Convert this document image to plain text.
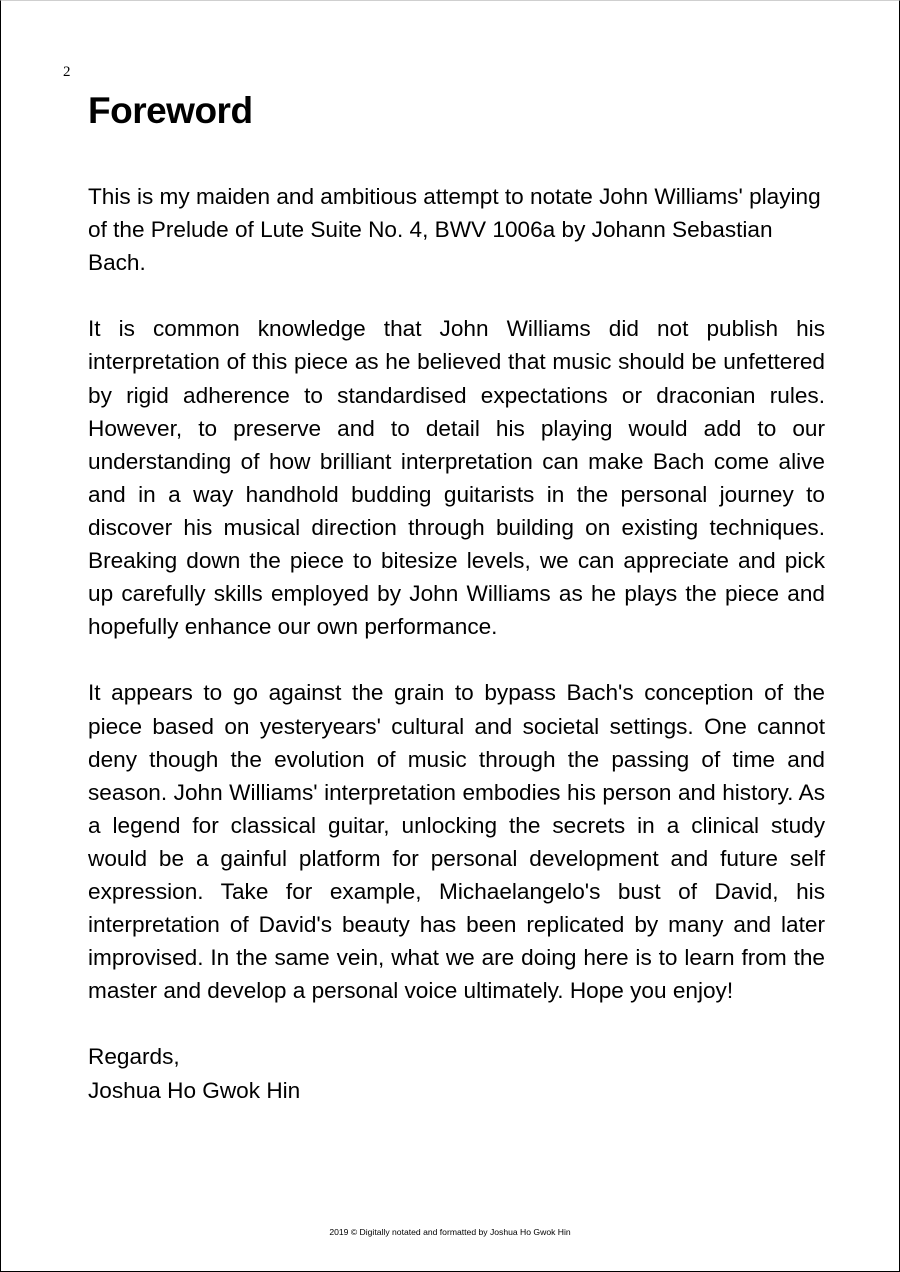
2
Foreword

This is my maiden and ambitious attempt to notate John Williams' playing of the Prelude of Lute Suite No. 4, BWV 1006a by Johann Sebastian Bach.

It is common knowledge that John Williams did not publish his interpretation of this piece as he believed that music should be unfettered by rigid adherence to standardised expectations or draconian rules. However, to preserve and to detail his playing would add to our understanding of how brilliant interpretation can make Bach come alive and in a way handhold budding guitarists in the personal journey to discover his musical direction through building on existing techniques. Breaking down the piece to bitesize levels, we can appreciate and pick up carefully skills employed by John Williams as he plays the piece and hopefully enhance our own performance.

It appears to go against the grain to bypass Bach's conception of the piece based on yesteryears' cultural and societal settings. One cannot deny though the evolution of music through the passing of time and season. John Williams' interpretation embodies his person and history. As a legend for classical guitar, unlocking the secrets in a clinical study would be a gainful platform for personal development and future self expression. Take for example, Michaelangelo's bust of David, his interpretation of David's beauty has been replicated by many and later improvised. In the same vein, what we are doing here is to learn from the master and develop a personal voice ultimately. Hope you enjoy!

Regards,
Joshua Ho Gwok Hin
2019 © Digitally notated and formatted by Joshua Ho Gwok Hin
